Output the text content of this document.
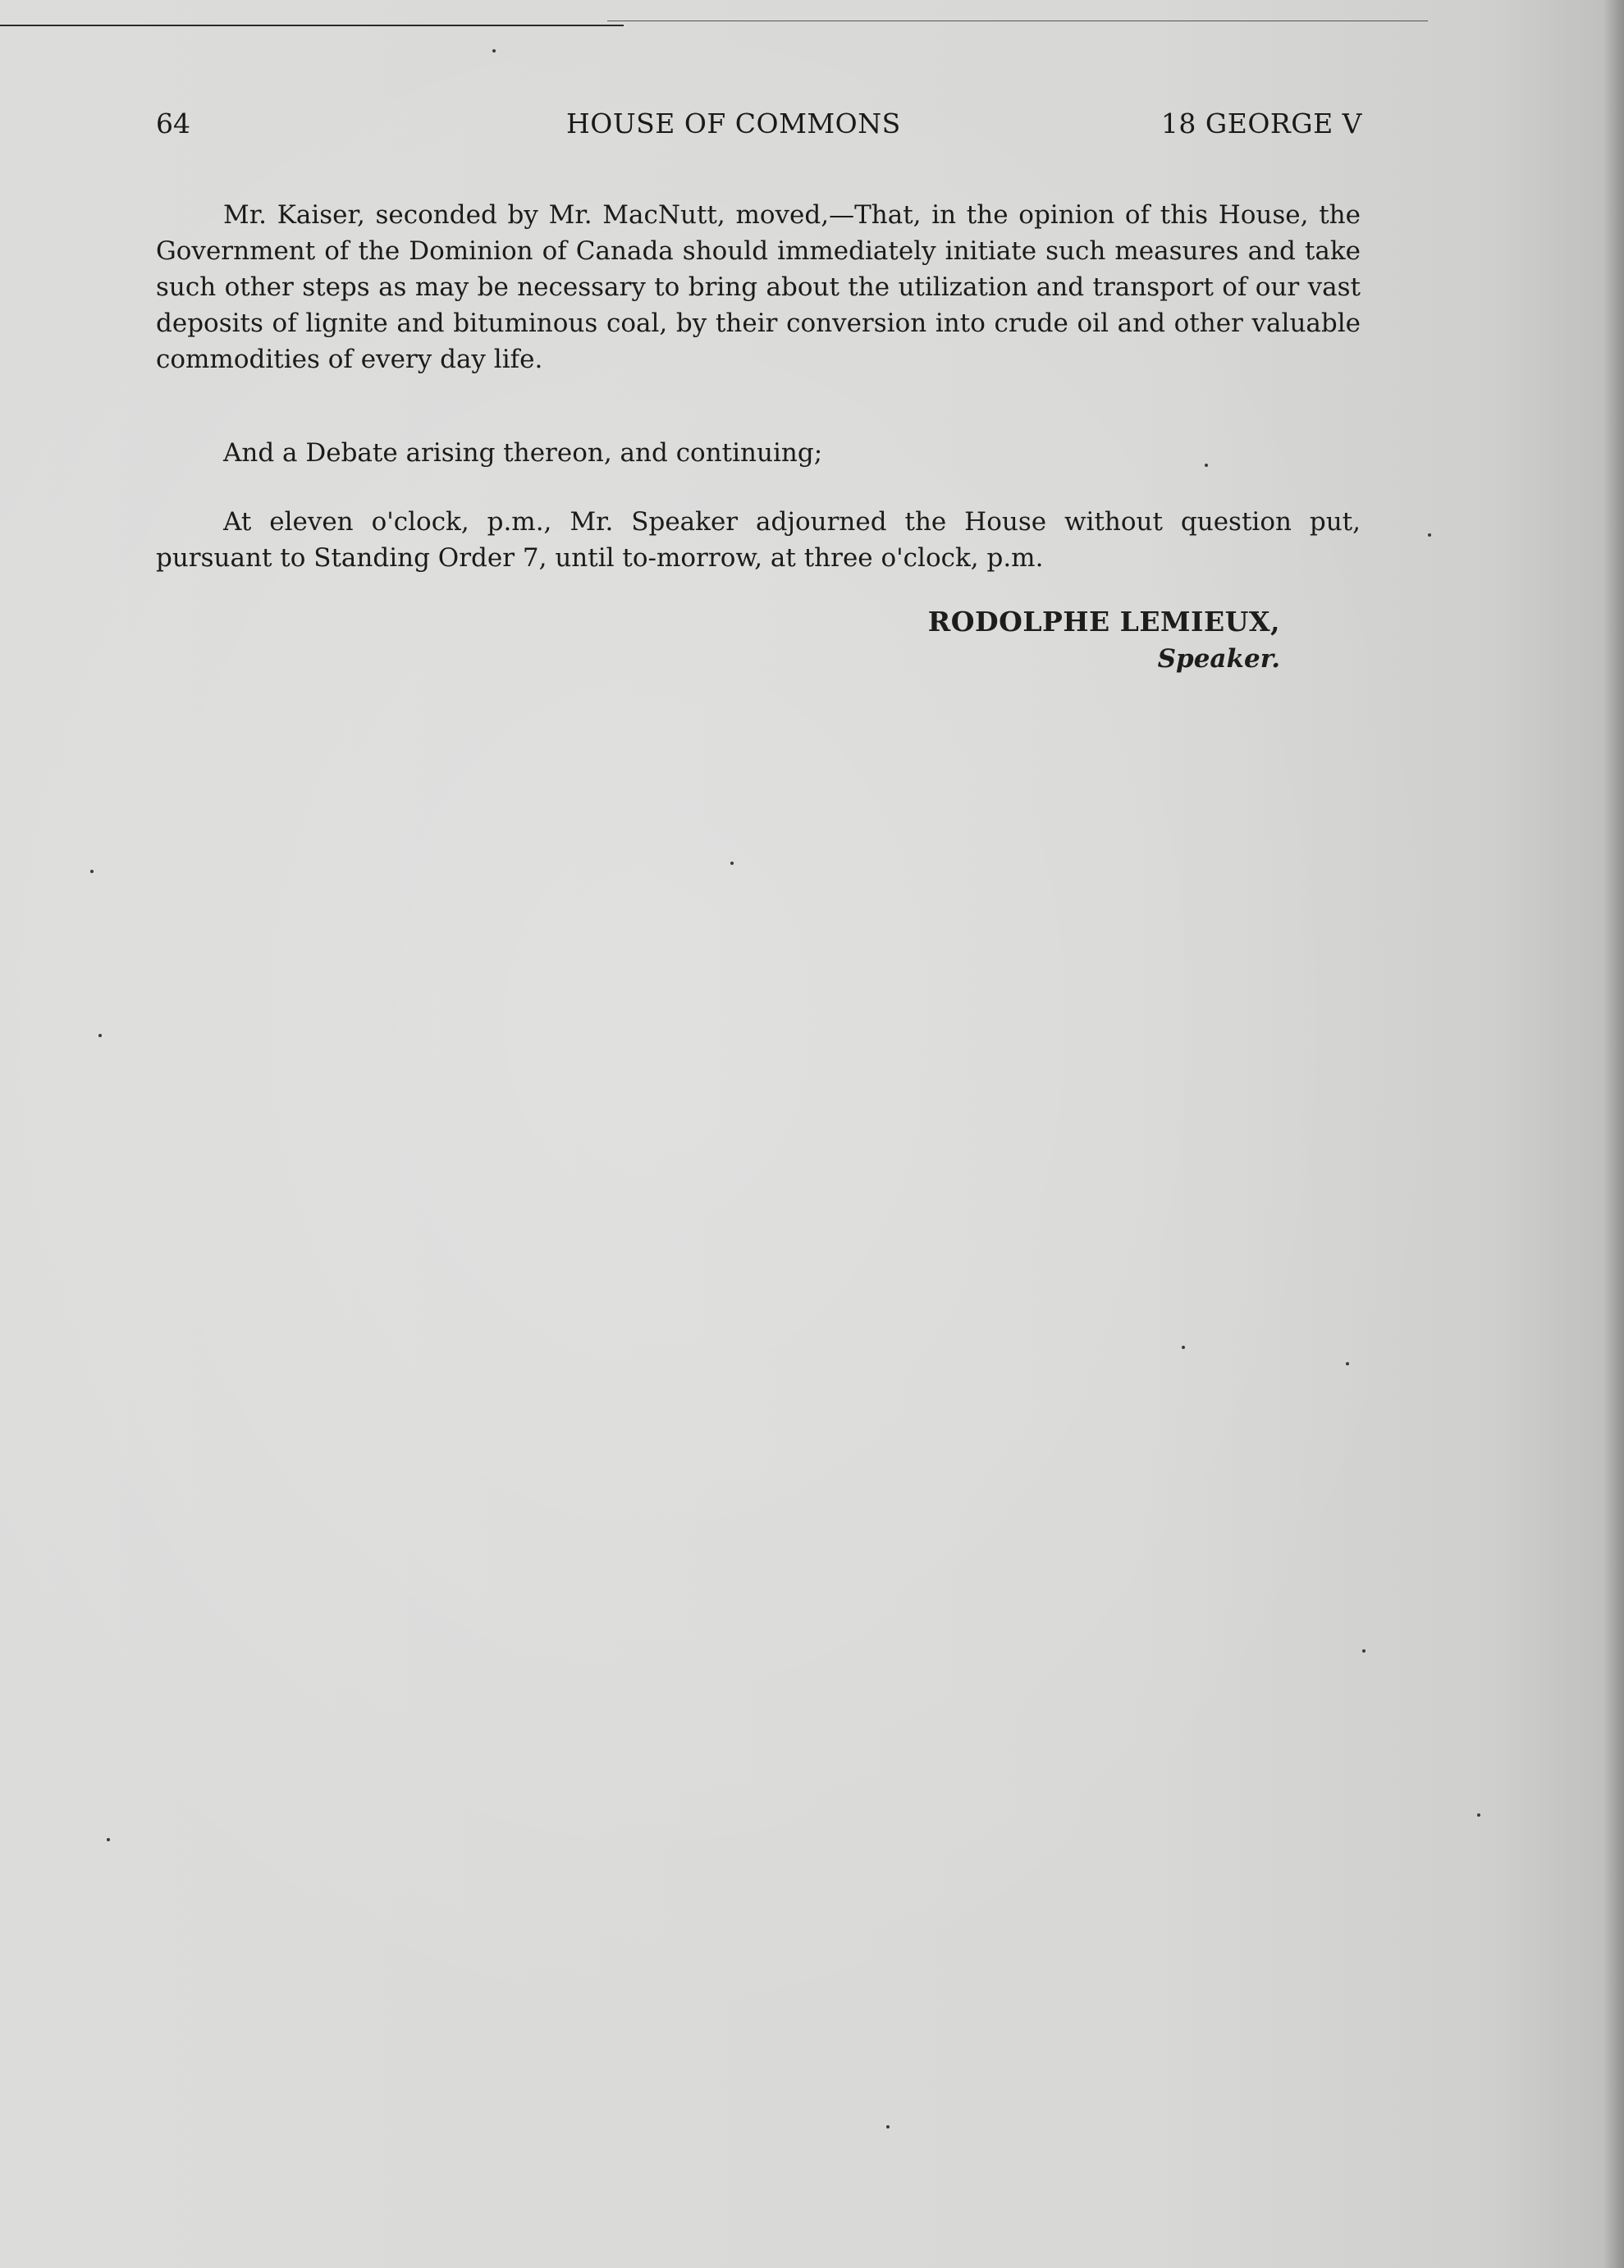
64	HOUSE OF COMMONS	18 GEORGE V

Mr. Kaiser, seconded by Mr. MacNutt, moved,—That, in the opinion of this House, the Government of the Dominion of Canada should immediately initiate such measures and take such other steps as may be necessary to bring about the utilization and transport of our vast deposits of lignite and bituminous coal, by their conversion into crude oil and other valuable commodities of every day life.

And a Debate arising thereon, and continuing;

At eleven o'clock, p.m., Mr. Speaker adjourned the House without question put, pursuant to Standing Order 7, until to-morrow, at three o'clock, p.m.

RODOLPHE LEMIEUX,
Speaker.
